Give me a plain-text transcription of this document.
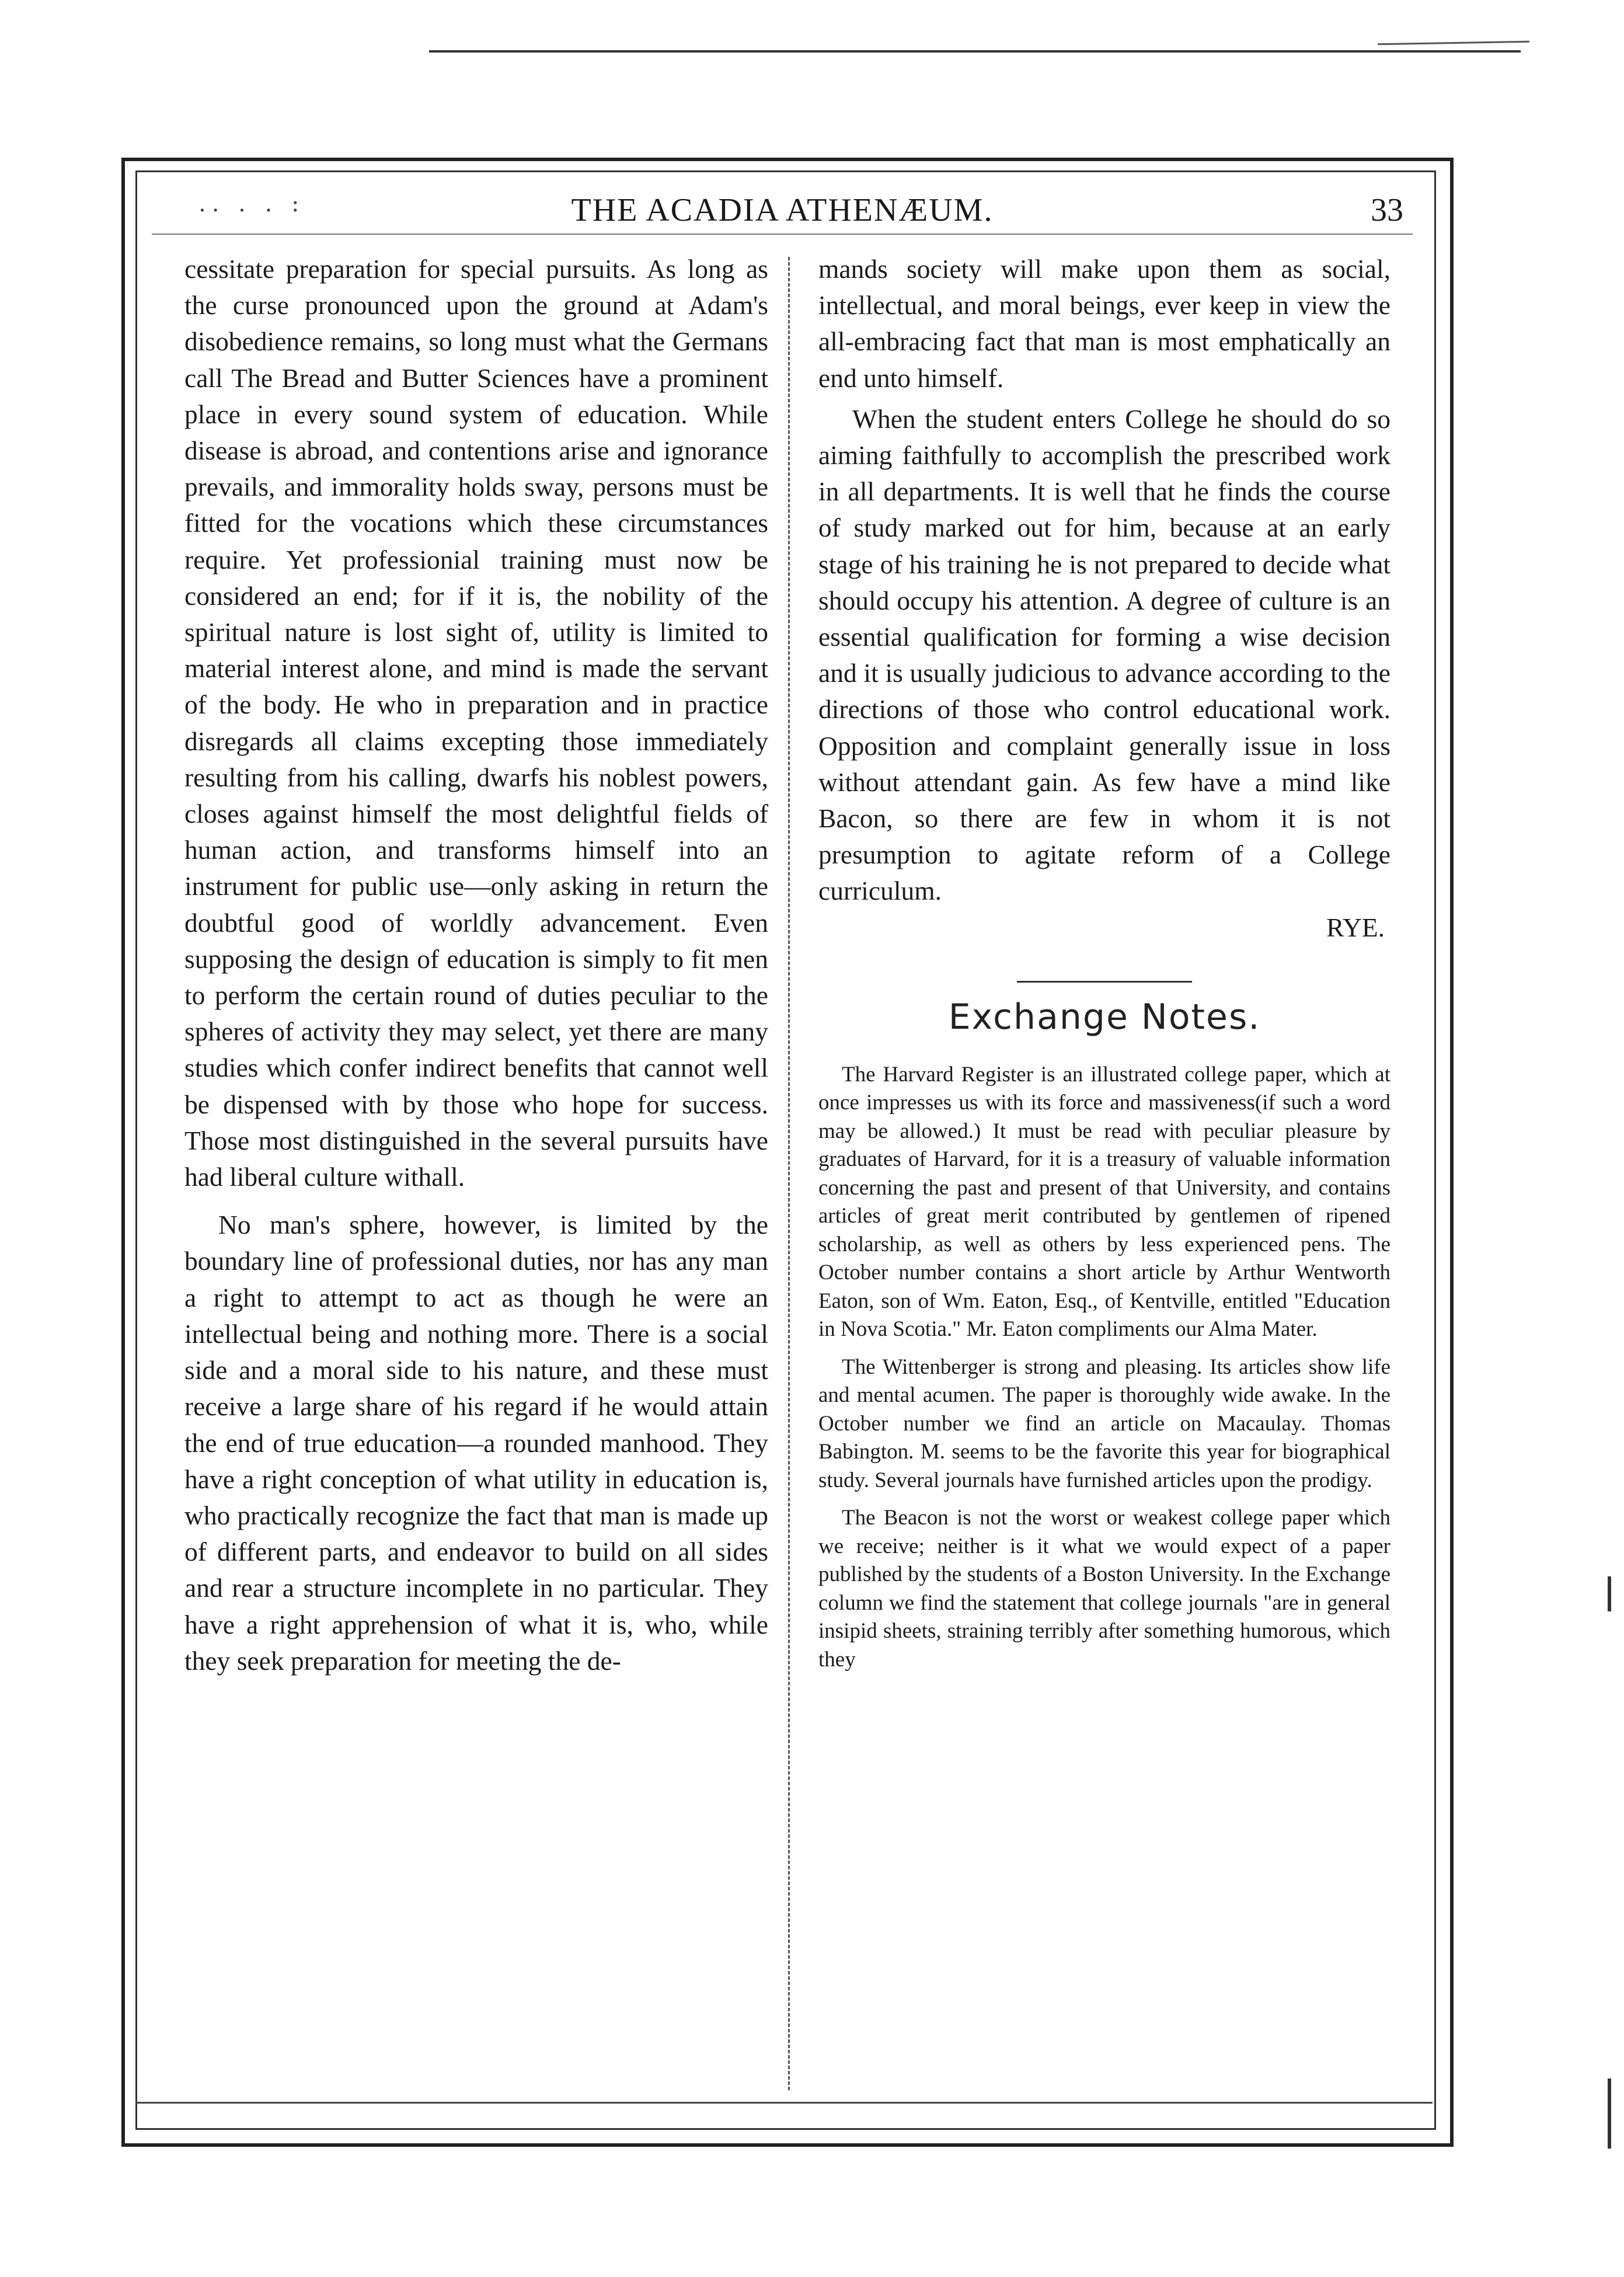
.. . . :	THE ACADIA ATHENÆUM.	33

cessitate preparation for special pursuits. As long as the curse pronounced upon the ground at Adam's disobedience remains, so long must what the Germans call The Bread and Butter Sciences have a prominent place in every sound system of education. While disease is abroad, and contentions arise and ignorance prevails, and immorality holds sway, persons must be fitted for the vocations which these circumstances require. Yet professionial training must now be considered an end; for if it is, the nobility of the spiritual nature is lost sight of, utility is limited to material interest alone, and mind is made the servant of the body. He who in preparation and in practice disregards all claims excepting those immediately resulting from his calling, dwarfs his noblest powers, closes against himself the most delightful fields of human action, and transforms himself into an instrument for public use—only asking in return the doubtful good of worldly advancement. Even supposing the design of education is simply to fit men to perform the certain round of duties peculiar to the spheres of activity they may select, yet there are many studies which confer indirect benefits that cannot well be dispensed with by those who hope for success. Those most distinguished in the several pursuits have had liberal culture withall.

No man's sphere, however, is limited by the boundary line of professional duties, nor has any man a right to attempt to act as though he were an intellectual being and nothing more. There is a social side and a moral side to his nature, and these must receive a large share of his regard if he would attain the end of true education—a rounded manhood. They have a right conception of what utility in education is, who practically recognize the fact that man is made up of different parts, and endeavor to build on all sides and rear a structure incomplete in no particular. They have a right apprehension of what it is, who, while they seek preparation for meeting the de-

mands society will make upon them as social, intellectual, and moral beings, ever keep in view the all-embracing fact that man is most emphatically an end unto himself.

When the student enters College he should do so aiming faithfully to accomplish the prescribed work in all departments. It is well that he finds the course of study marked out for him, because at an early stage of his training he is not prepared to decide what should occupy his attention. A degree of culture is an essential qualification for forming a wise decision and it is usually judicious to advance according to the directions of those who control educational work. Opposition and complaint generally issue in loss without attendant gain. As few have a mind like Bacon, so there are few in whom it is not presumption to agitate reform of a College curriculum.

RYE.

Exchange Notes.

The Harvard Register is an illustrated college paper, which at once impresses us with its force and massiveness(if such a word may be allowed.) It must be read with peculiar pleasure by graduates of Harvard, for it is a treasury of valuable information concerning the past and present of that University, and contains articles of great merit contributed by gentlemen of ripened scholarship, as well as others by less experienced pens. The October number contains a short article by Arthur Wentworth Eaton, son of Wm. Eaton, Esq., of Kentville, entitled "Education in Nova Scotia." Mr. Eaton compliments our Alma Mater.

The Wittenberger is strong and pleasing. Its articles show life and mental acumen. The paper is thoroughly wide awake. In the October number we find an article on Macaulay. Thomas Babington. M. seems to be the favorite this year for biographical study. Several journals have furnished articles upon the prodigy.

The Beacon is not the worst or weakest college paper which we receive; neither is it what we would expect of a paper published by the students of a Boston University. In the Exchange column we find the statement that college journals "are in general insipid sheets, straining terribly after something humorous, which they
